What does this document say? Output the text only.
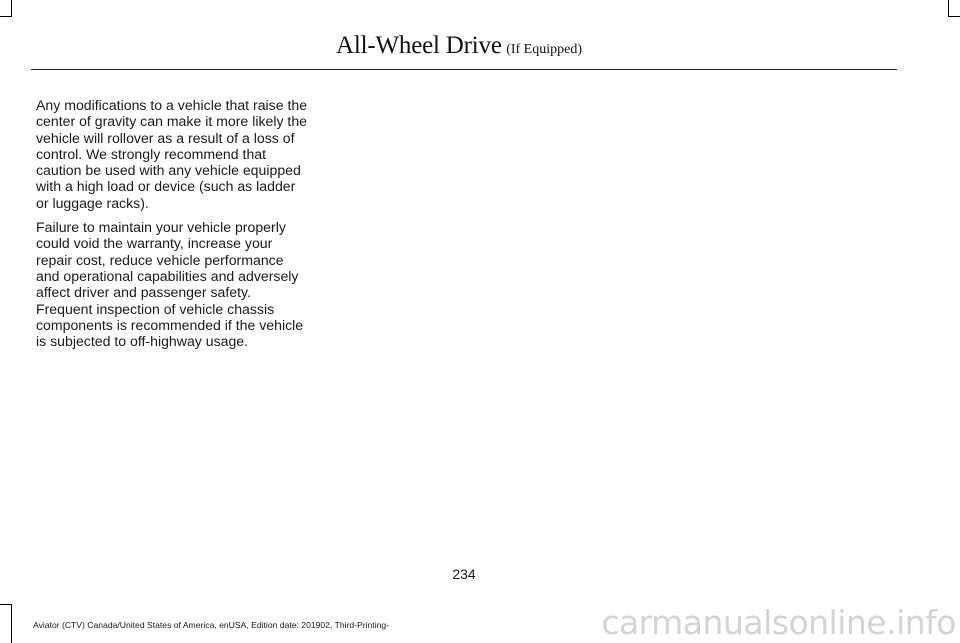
All-Wheel Drive (If Equipped)

Any modifications to a vehicle that raise the center of gravity can make it more likely the vehicle will rollover as a result of a loss of control. We strongly recommend that caution be used with any vehicle equipped with a high load or device (such as ladder or luggage racks).

Failure to maintain your vehicle properly could void the warranty, increase your repair cost, reduce vehicle performance and operational capabilities and adversely affect driver and passenger safety. Frequent inspection of vehicle chassis components is recommended if the vehicle is subjected to off-highway usage.

234
Aviator (CTV) Canada/United States of America, enUSA, Edition date: 201902, Third-Printing-	carmanualsonline.info
